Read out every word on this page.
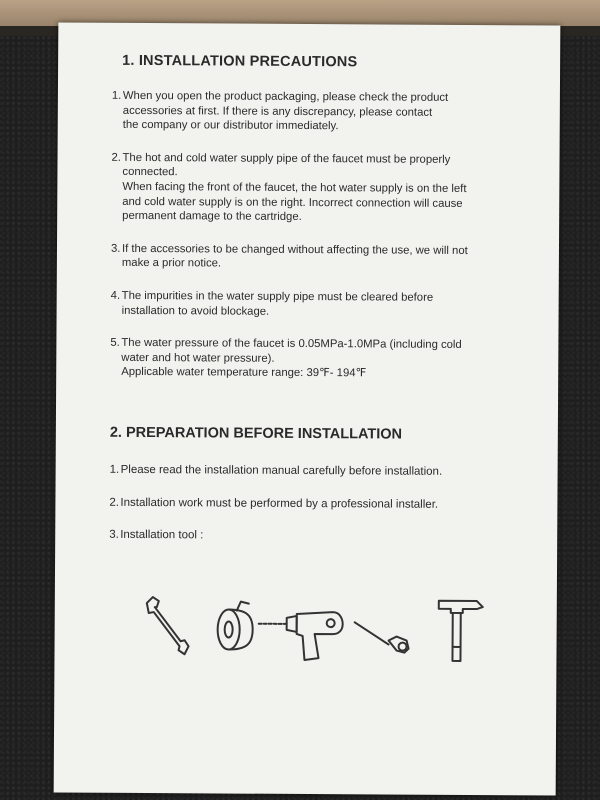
1. INSTALLATION PRECAUTIONS
1. When you open the product packaging, please check the product
accessories at first. If there is any discrepancy, please contact
the company or our distributor immediately.
2. The hot and cold water supply pipe of the faucet must be properly
connected.
When facing the front of the faucet, the hot water supply is on the left
and cold water supply is on the right. Incorrect connection will cause
permanent damage to the cartridge.
3. If the accessories to be changed without affecting the use, we will not
make a prior notice.
4. The impurities in the water supply pipe must be cleared before
installation to avoid blockage.
5. The water pressure of the faucet is 0.05MPa-1.0MPa (including cold
water and hot water pressure).
Applicable water temperature range: 39℉- 194℉
2. PREPARATION BEFORE INSTALLATION
1. Please read the installation manual carefully before installation.
2. Installation work must be performed by a professional installer.
3. Installation tool :
